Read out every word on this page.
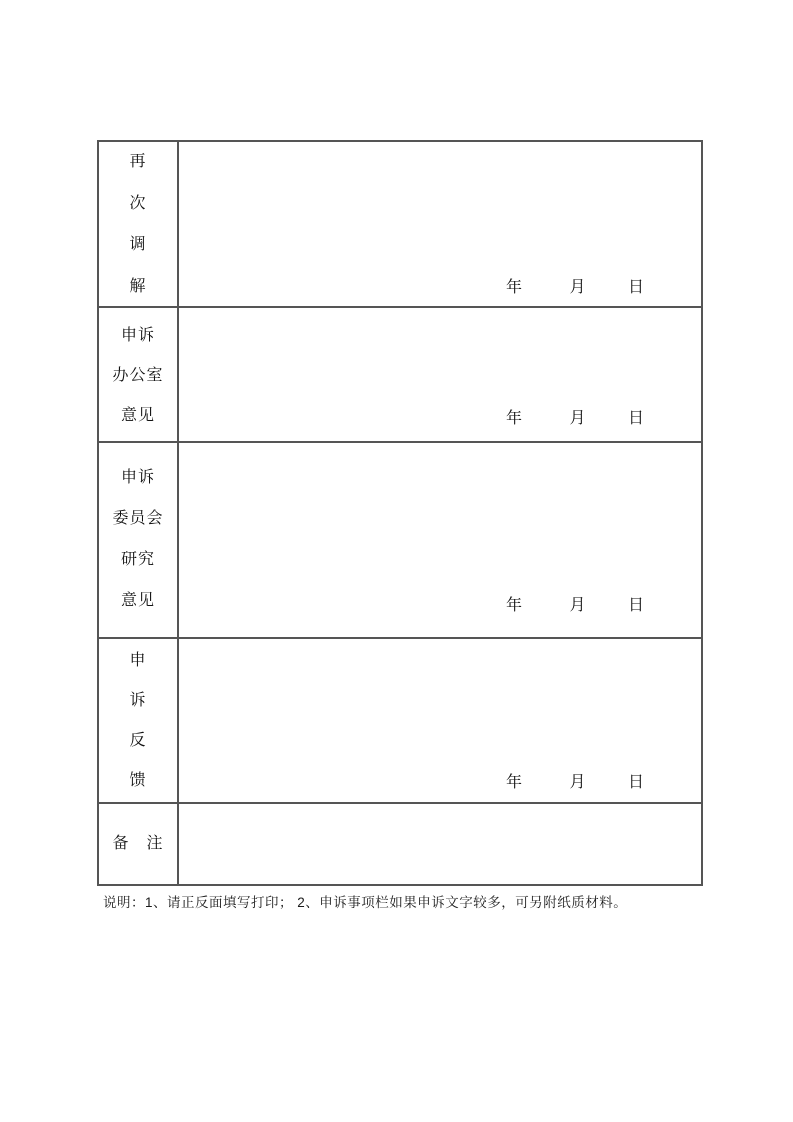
再
次
调
解	年	月	日
申诉
办公室
意见	年	月	日
申诉
委员会
研究
意见	年	月	日
申
诉
反
馈	年	月	日
备　注
说明：1、请正反面填写打印； 2、申诉事项栏如果申诉文字较多，可另附纸质材料。
